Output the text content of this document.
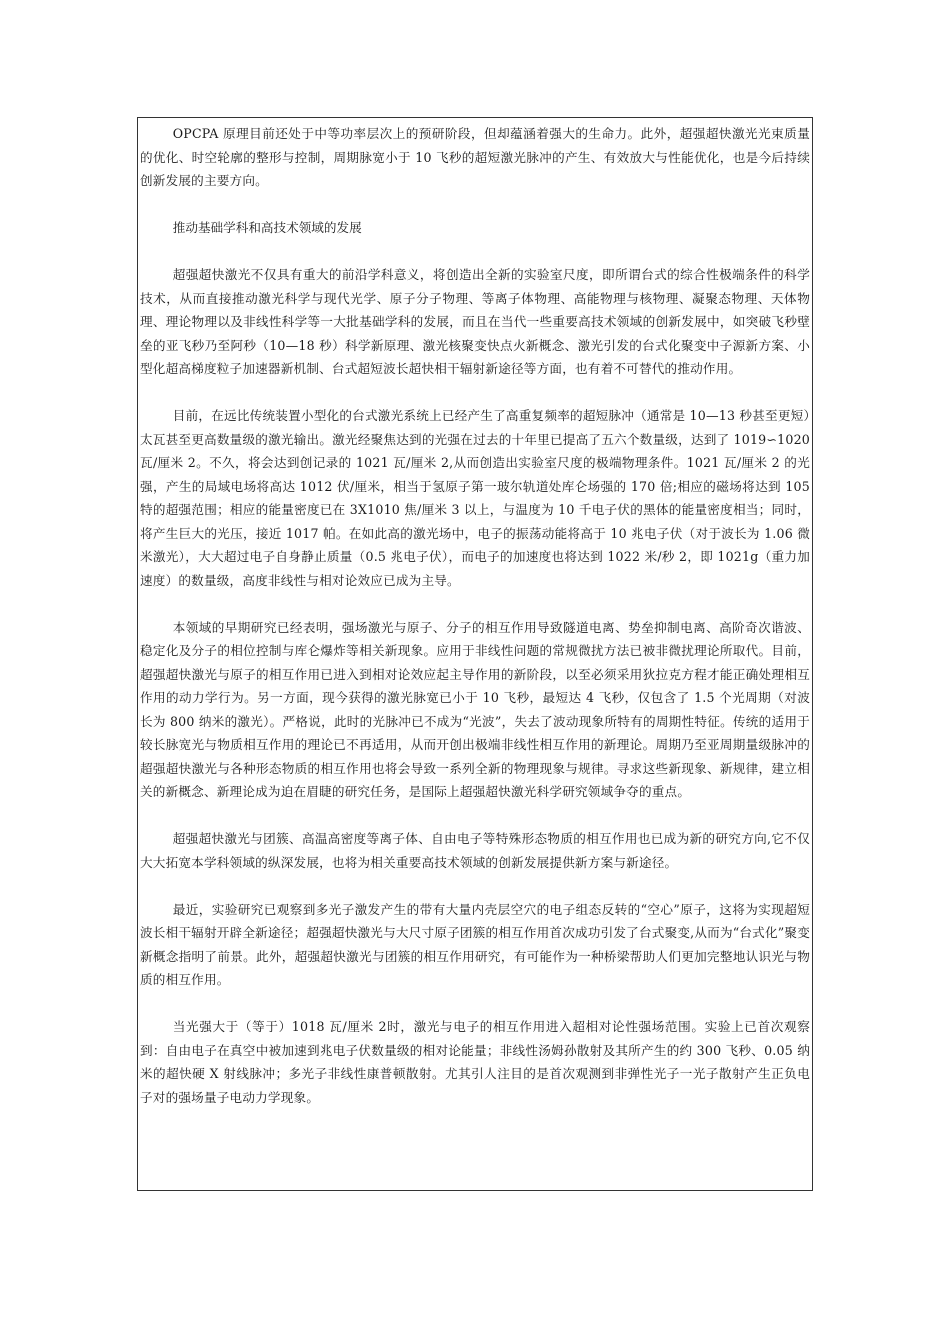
OPCPA 原理目前还处于中等功率层次上的预研阶段，但却蕴涵着强大的生命力。此外，超强超快激光光束质量的优化、时空轮廓的整形与控制，周期脉宽小于 10 飞秒的超短激光脉冲的产生、有效放大与性能优化，也是今后持续创新发展的主要方向。

推动基础学科和高技术领域的发展

超强超快激光不仅具有重大的前沿学科意义，将创造出全新的实验室尺度，即所谓台式的综合性极端条件的科学技术，从而直接推动激光科学与现代光学、原子分子物理、等离子体物理、高能物理与核物理、凝聚态物理、天体物理、理论物理以及非线性科学等一大批基础学科的发展，而且在当代一些重要高技术领域的创新发展中，如突破飞秒壁垒的亚飞秒乃至阿秒（10—18 秒）科学新原理、激光核聚变快点火新概念、激光引发的台式化聚变中子源新方案、小型化超高梯度粒子加速器新机制、台式超短波长超快相干辐射新途径等方面，也有着不可替代的推动作用。

目前，在远比传统装置小型化的台式激光系统上已经产生了高重复频率的超短脉冲（通常是 10—13 秒甚至更短）太瓦甚至更高数量级的激光输出。激光经聚焦达到的光强在过去的十年里已提高了五六个数量级，达到了 1019∽1020 瓦/厘米 2。不久，将会达到创记录的 1021 瓦/厘米 2,从而创造出实验室尺度的极端物理条件。1021 瓦/厘米 2 的光强，产生的局域电场将高达 1012 伏/厘米，相当于氢原子第一玻尔轨道处库仑场强的 170 倍;相应的磁场将达到 105 特的超强范围；相应的能量密度已在 3X1010 焦/厘米 3 以上，与温度为 10 千电子伏的黑体的能量密度相当；同时，将产生巨大的光压，接近 1017 帕。在如此高的激光场中，电子的振荡动能将高于 10 兆电子伏（对于波长为 1.06 微米激光），大大超过电子自身静止质量（0.5 兆电子伏），而电子的加速度也将达到 1022 米/秒 2，即 1021g（重力加速度）的数量级，高度非线性与相对论效应已成为主导。

本领域的早期研究已经表明，强场激光与原子、分子的相互作用导致隧道电离、势垒抑制电离、高阶奇次谐波、稳定化及分子的相位控制与库仑爆炸等相关新现象。应用于非线性问题的常规微扰方法已被非微扰理论所取代。目前，超强超快激光与原子的相互作用已进入到相对论效应起主导作用的新阶段，以至必须采用狄拉克方程才能正确处理相互作用的动力学行为。另一方面，现今获得的激光脉宽已小于 10 飞秒，最短达 4 飞秒，仅包含了 1.5 个光周期（对波长为 800 纳米的激光）。严格说，此时的光脉冲已不成为“光波”，失去了波动现象所特有的周期性特征。传统的适用于较长脉宽光与物质相互作用的理论已不再适用，从而开创出极端非线性相互作用的新理论。周期乃至亚周期量级脉冲的超强超快激光与各种形态物质的相互作用也将会导致一系列全新的物理现象与规律。寻求这些新现象、新规律，建立相关的新概念、新理论成为迫在眉睫的研究任务，是国际上超强超快激光科学研究领域争夺的重点。

超强超快激光与团簇、高温高密度等离子体、自由电子等特殊形态物质的相互作用也已成为新的研究方向,它不仅大大拓宽本学科领域的纵深发展，也将为相关重要高技术领域的创新发展提供新方案与新途径。

最近，实验研究已观察到多光子激发产生的带有大量内壳层空穴的电子组态反转的“空心”原子，这将为实现超短波长相干辐射开辟全新途径；超强超快激光与大尺寸原子团簇的相互作用首次成功引发了台式聚变,从而为“台式化”聚变新概念指明了前景。此外，超强超快激光与团簇的相互作用研究，有可能作为一种桥梁帮助人们更加完整地认识光与物质的相互作用。

当光强大于（等于）1018 瓦/厘米 2时，激光与电子的相互作用进入超相对论性强场范围。实验上已首次观察到：自由电子在真空中被加速到兆电子伏数量级的相对论能量；非线性汤姆孙散射及其所产生的约 300 飞秒、0.05 纳米的超快硬 X 射线脉冲；多光子非线性康普顿散射。尤其引人注目的是首次观测到非弹性光子一光子散射产生正负电子对的强场量子电动力学现象。
